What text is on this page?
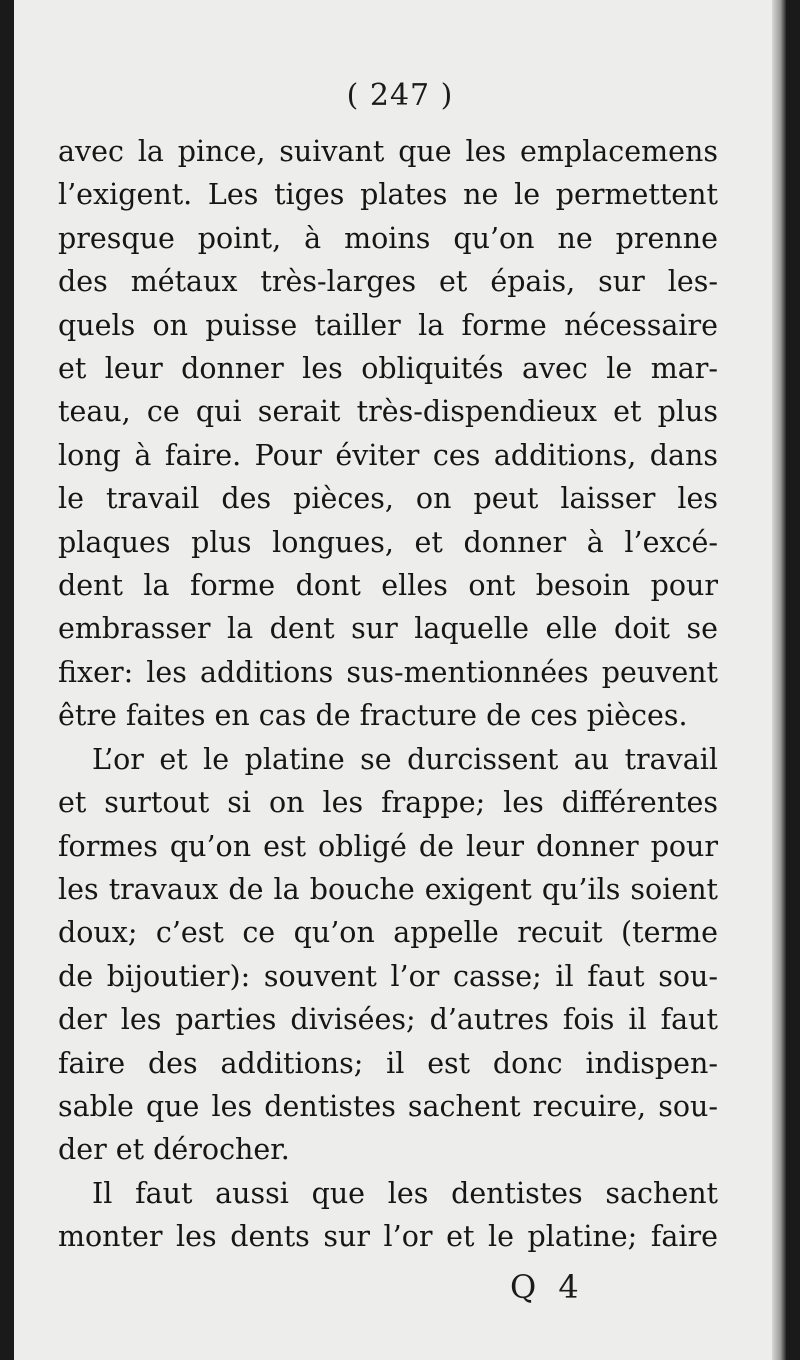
( 247 )
avec la pince, suivant que les emplacemens
l’exigent. Les tiges plates ne le permettent
presque point, à moins qu’on ne prenne
des métaux très-larges et épais, sur les-
quels on puisse tailler la forme nécessaire
et leur donner les obliquités avec le mar-
teau, ce qui serait très-dispendieux et plus
long à faire. Pour éviter ces additions, dans
le travail des pièces, on peut laisser les
plaques plus longues, et donner à l’excé-
dent la forme dont elles ont besoin pour
embrasser la dent sur laquelle elle doit se
fixer: les additions sus-mentionnées peuvent
être faites en cas de fracture de ces pièces.
L’or et le platine se durcissent au travail
et surtout si on les frappe; les différentes
formes qu’on est obligé de leur donner pour
les travaux de la bouche exigent qu’ils soient
doux; c’est ce qu’on appelle recuit (terme
de bijoutier): souvent l’or casse; il faut sou-
der les parties divisées; d’autres fois il faut
faire des additions; il est donc indispen-
sable que les dentistes sachent recuire, sou-
der et dérocher.
Il faut aussi que les dentistes sachent
monter les dents sur l’or et le platine; faire
Q 4
